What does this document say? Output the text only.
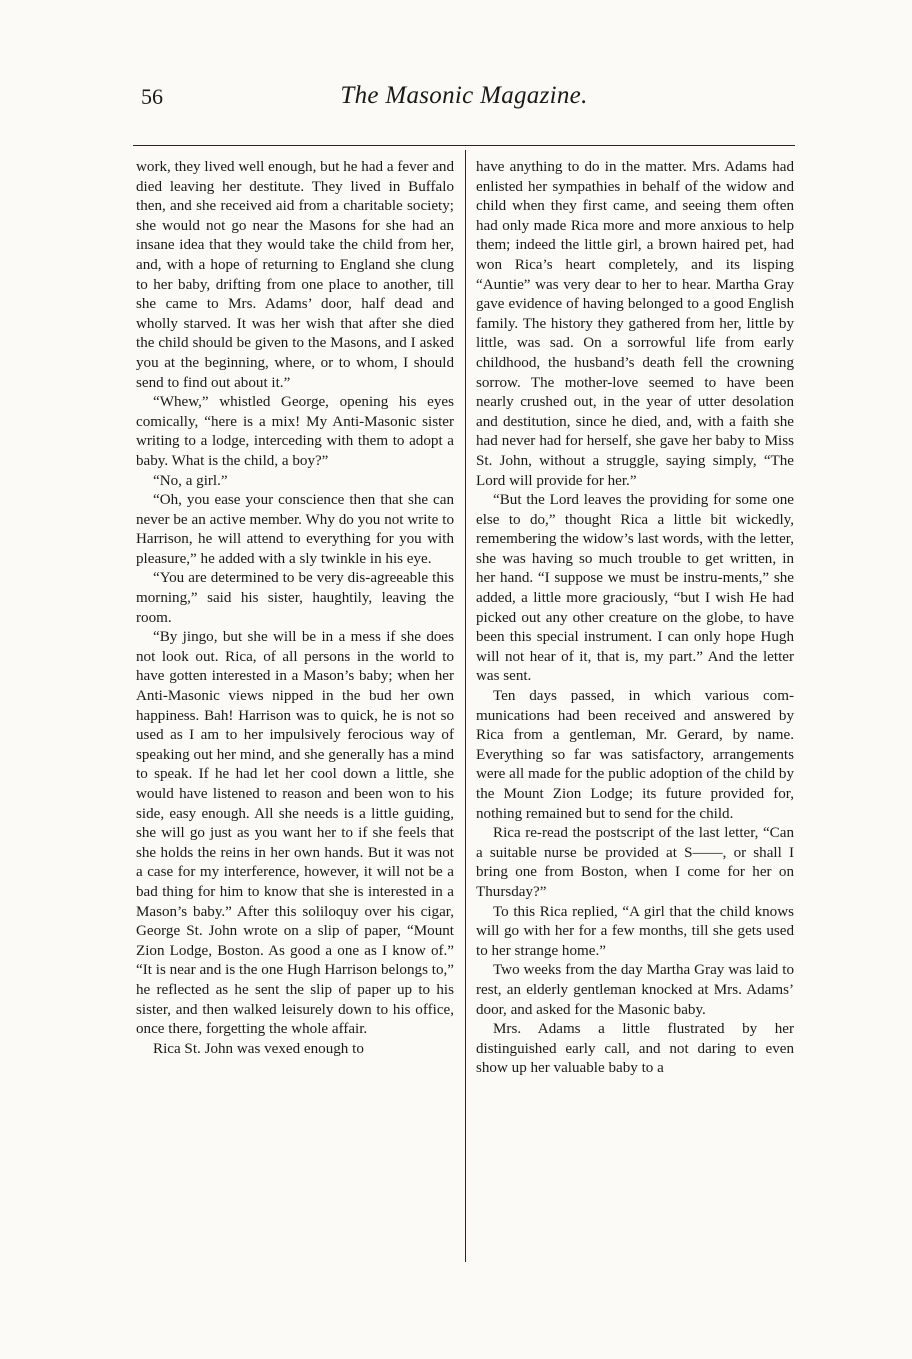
56	The Masonic Magazine.

work, they lived well enough, but he had a fever and died leaving her destitute. They lived in Buffalo then, and she received aid from a charitable society; she would not go near the Masons for she had an insane idea that they would take the child from her, and, with a hope of returning to England she clung to her baby, drifting from one place to another, till she came to Mrs. Adams’ door, half dead and wholly starved. It was her wish that after she died the child should be given to the Masons, and I asked you at the beginning, where, or to whom, I should send to find out about it.”

“Whew,” whistled George, opening his eyes comically, “here is a mix! My Anti-Masonic sister writing to a lodge, interceding with them to adopt a baby. What is the child, a boy?”

“No, a girl.”

“Oh, you ease your conscience then that she can never be an active member. Why do you not write to Harrison, he will attend to everything for you with pleasure,” he added with a sly twinkle in his eye.

“You are determined to be very dis-agreeable this morning,” said his sister, haughtily, leaving the room.

“By jingo, but she will be in a mess if she does not look out. Rica, of all persons in the world to have gotten interested in a Mason’s baby; when her Anti-Masonic views nipped in the bud her own happiness. Bah! Harrison was to quick, he is not so used as I am to her impulsively ferocious way of speaking out her mind, and she generally has a mind to speak. If he had let her cool down a little, she would have listened to reason and been won to his side, easy enough. All she needs is a little guiding, she will go just as you want her to if she feels that she holds the reins in her own hands. But it was not a case for my interference, however, it will not be a bad thing for him to know that she is interested in a Mason’s baby.” After this soliloquy over his cigar, George St. John wrote on a slip of paper, “Mount Zion Lodge, Boston. As good a one as I know of.” “It is near and is the one Hugh Harrison belongs to,” he reflected as he sent the slip of paper up to his sister, and then walked leisurely down to his office, once there, forgetting the whole affair.

Rica St. John was vexed enough to

have anything to do in the matter. Mrs. Adams had enlisted her sympathies in behalf of the widow and child when they first came, and seeing them often had only made Rica more and more anxious to help them; indeed the little girl, a brown haired pet, had won Rica’s heart completely, and its lisping “Auntie” was very dear to her to hear. Martha Gray gave evidence of having belonged to a good English family. The history they gathered from her, little by little, was sad. On a sorrowful life from early childhood, the husband’s death fell the crowning sorrow. The mother-love seemed to have been nearly crushed out, in the year of utter desolation and destitution, since he died, and, with a faith she had never had for herself, she gave her baby to Miss St. John, without a struggle, saying simply, “The Lord will provide for her.”

“But the Lord leaves the providing for some one else to do,” thought Rica a little bit wickedly, remembering the widow’s last words, with the letter, she was having so much trouble to get written, in her hand. “I suppose we must be instru-ments,” she added, a little more graciously, “but I wish He had picked out any other creature on the globe, to have been this special instrument. I can only hope Hugh will not hear of it, that is, my part.” And the letter was sent.

Ten days passed, in which various com-munications had been received and answered by Rica from a gentleman, Mr. Gerard, by name. Everything so far was satisfactory, arrangements were all made for the public adoption of the child by the Mount Zion Lodge; its future provided for, nothing remained but to send for the child.

Rica re-read the postscript of the last letter, “Can a suitable nurse be provided at S——, or shall I bring one from Boston, when I come for her on Thursday?”

To this Rica replied, “A girl that the child knows will go with her for a few months, till she gets used to her strange home.”

Two weeks from the day Martha Gray was laid to rest, an elderly gentleman knocked at Mrs. Adams’ door, and asked for the Masonic baby.

Mrs. Adams a little flustrated by her distinguished early call, and not daring to even show up her valuable baby to a
